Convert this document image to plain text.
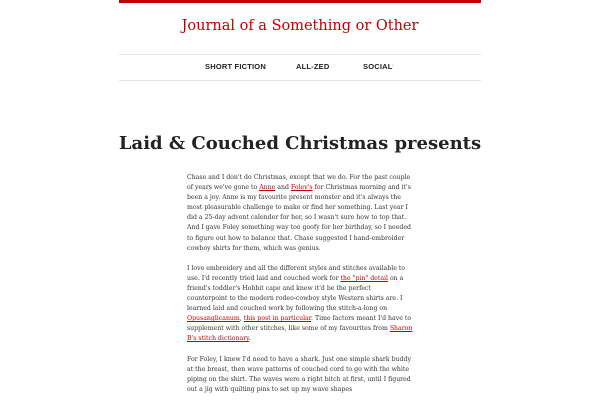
Journal of a Something or Other
SHORT FICTION	ALL-ZED	SOCIAL ›
Laid & Couched Christmas presents

Chase and I don't do Christmas, except that we do. For the past couple of years we've gone to Anne and Foley's for Christmas morning and it's been a joy. Anne is my favourite present monster and it's always the most pleasurable challenge to make or find her something. Last year I did a 25-day advent calender for her, so I wasn't sure how to top that. And I gave Foley something way too goofy for her birthday, so I needed to figure out how to balance that. Chase suggested I hand-embroider cowboy shirts for them, which was genius.

I love embroidery and all the different styles and stitches available to use. I'd recently tried laid and couched work for the "pin" detail on a friend's toddler's Hobbit cape and knew it'd be the perfect counterpoint to the modern rodeo-cowboy style Western shirts are. I learned laid and couched work by following the stitch-a-long on Opusanglicanum, this post in particular. Time factors meant I'd have to supplement with other stitches, like some of my favourites from Sharon B's stitch dictionary.

For Foley, I knew I'd need to have a shark. Just one simple shark buddy at the breast, then wave patterns of couched cord to go with the white piping on the shirt. The waves were a right bitch at first, until I figured out a jig with quilting pins to set up my wave shapes
